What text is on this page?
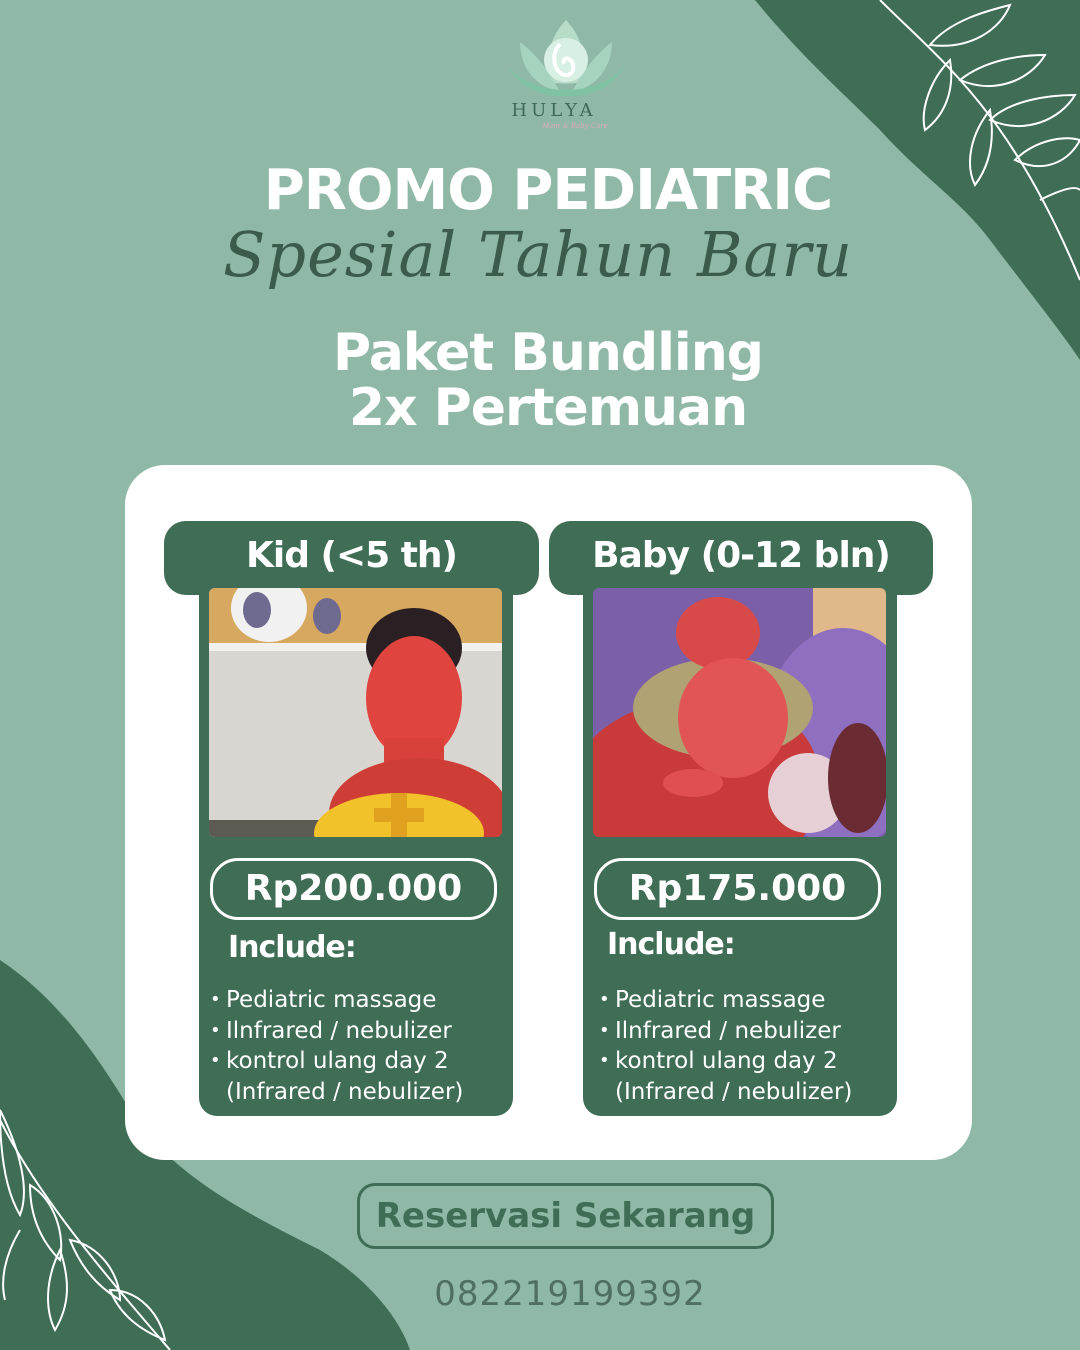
HULYA
Mom & Baby Care
PROMO PEDIATRIC
Spesial Tahun Baru
Paket Bundling
2x Pertemuan
Kid (<5 th)
Rp200.000
Include:
• Pediatric massage
• Ilnfrared / nebulizer
• kontrol ulang day 2
(Infrared / nebulizer)
Baby (0-12 bln)
Rp175.000
Include:
• Pediatric massage
• Ilnfrared / nebulizer
• kontrol ulang day 2
(Infrared / nebulizer)
Reservasi Sekarang
082219199392
